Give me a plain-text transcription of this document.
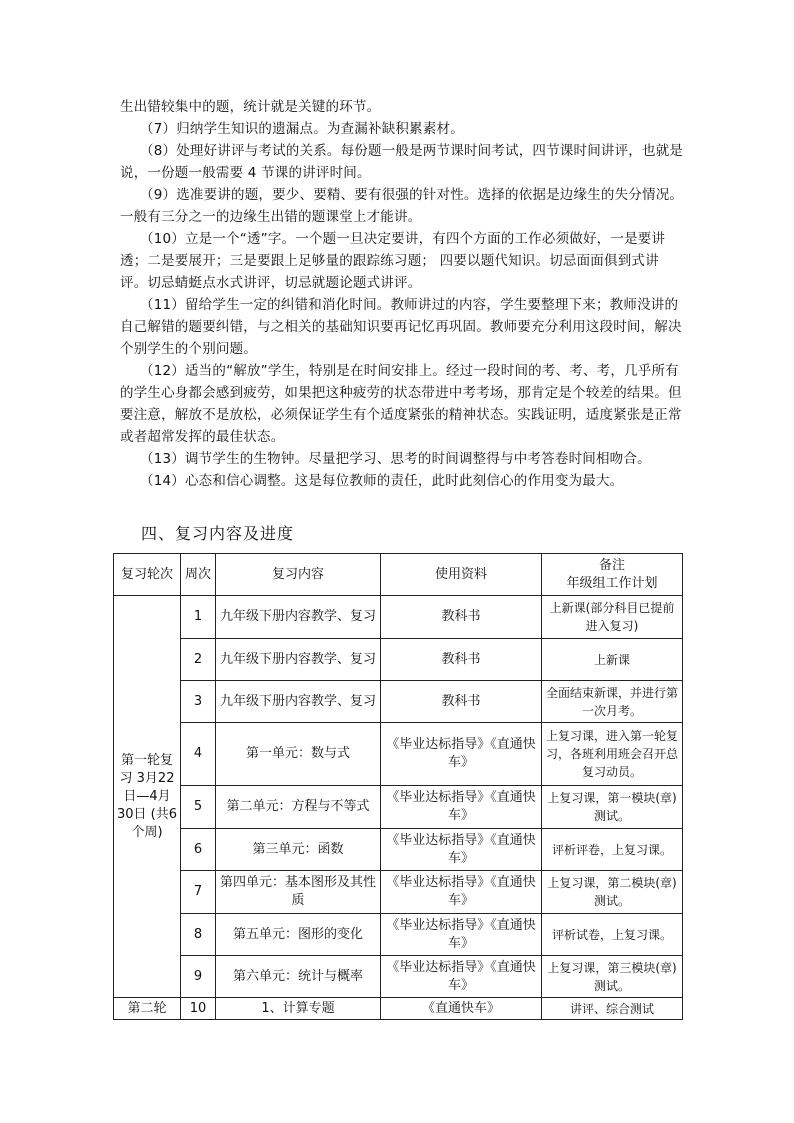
生出错较集中的题，统计就是关键的环节。

（7）归纳学生知识的遗漏点。为查漏补缺积累素材。

（8）处理好讲评与考试的关系。每份题一般是两节课时间考试，四节课时间讲评，也就是说，一份题一般需要 4 节课的讲评时间。

（9）选准要讲的题，要少、要精、要有很强的针对性。选择的依据是边缘生的失分情况。一般有三分之一的边缘生出错的题课堂上才能讲。

（10）立是一个“透”字。一个题一旦决定要讲，有四个方面的工作必须做好，一是要讲透；二是要展开；三是要跟上足够量的跟踪练习题； 四要以题代知识。切忌面面俱到式讲评。切忌蜻蜓点水式讲评，切忌就题论题式讲评。

（11）留给学生一定的纠错和消化时间。教师讲过的内容，学生要整理下来；教师没讲的自己解错的题要纠错，与之相关的基础知识要再记忆再巩固。教师要充分利用这段时间，解决个别学生的个别问题。

（12）适当的“解放”学生，特别是在时间安排上。经过一段时间的考、考、考，几乎所有的学生心身都会感到疲劳，如果把这种疲劳的状态带进中考考场，那肯定是个较差的结果。但要注意，解放不是放松，必须保证学生有个适度紧张的精神状态。实践证明，适度紧张是正常或者超常发挥的最佳状态。

（13）调节学生的生物钟。尽量把学习、思考的时间调整得与中考答卷时间相吻合。

（14）心态和信心调整。这是每位教师的责任，此时此刻信心的作用变为最大。

四、复习内容及进度
复习轮次	周次	复习内容	使用资料	备注
年级组工作计划

第一轮复习 3月22日—4月30日 (共6个周)	1	九年级下册内容教学、复习	教科书	上新课(部分科目已提前进入复习)
	2	九年级下册内容教学、复习	教科书	上新课
	3	九年级下册内容教学、复习	教科书	全面结束新课，并进行第一次月考。
	4	第一单元：数与式	《毕业达标指导》《直通快车》	上复习课，进入第一轮复习，各班利用班会召开总复习动员。
	5	第二单元：方程与不等式	《毕业达标指导》《直通快车》	上复习课，第一模块(章)测试。
	6	第三单元：函数	《毕业达标指导》《直通快车》	评析评卷，上复习课。
	7	第四单元：基本图形及其性质	《毕业达标指导》《直通快车》	上复习课，第二模块(章)测试。
	8	第五单元：图形的变化	《毕业达标指导》《直通快车》	评析试卷，上复习课。
	9	第六单元：统计与概率	《毕业达标指导》《直通快车》	上复习课，第三模块(章)测试。
第二轮	10	1、计算专题	《直通快车》	讲评、综合测试
